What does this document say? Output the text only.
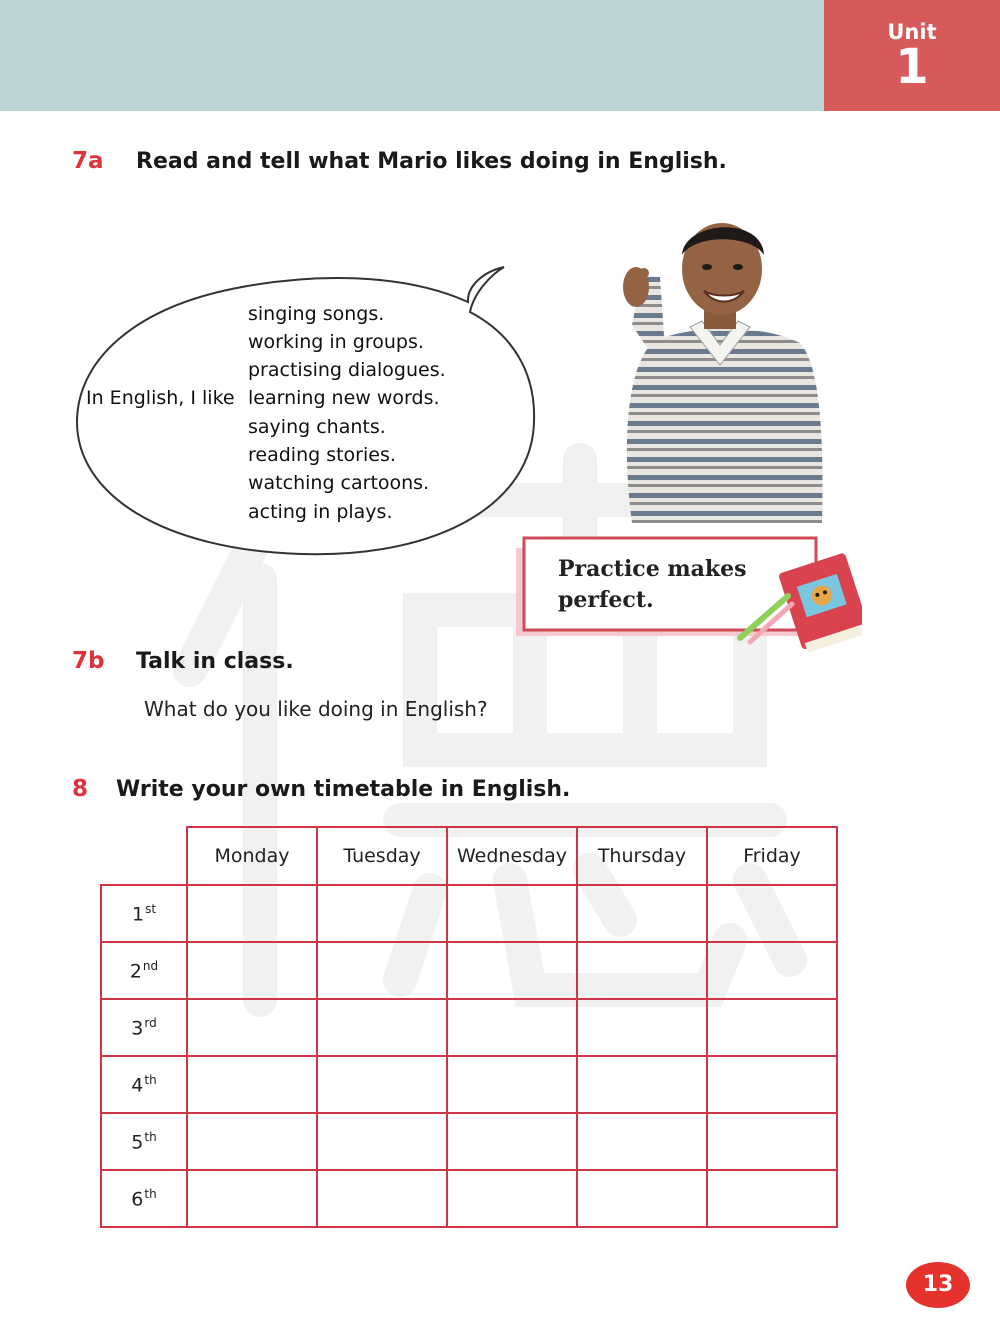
Unit
1
7a Read and tell what Mario likes doing in English.
singing songs.
working in groups.
practising dialogues.
In English, I like learning new words.
saying chants.
reading stories.
watching cartoons.
acting in plays.
Practice makes
perfect.
7b Talk in class.
What do you like doing in English?
8 Write your own timetable in English.
	Monday	Tuesday	Wednesday	Thursday	Friday
1st					
2nd					
3rd					
4th					
5th					
6th					
13
